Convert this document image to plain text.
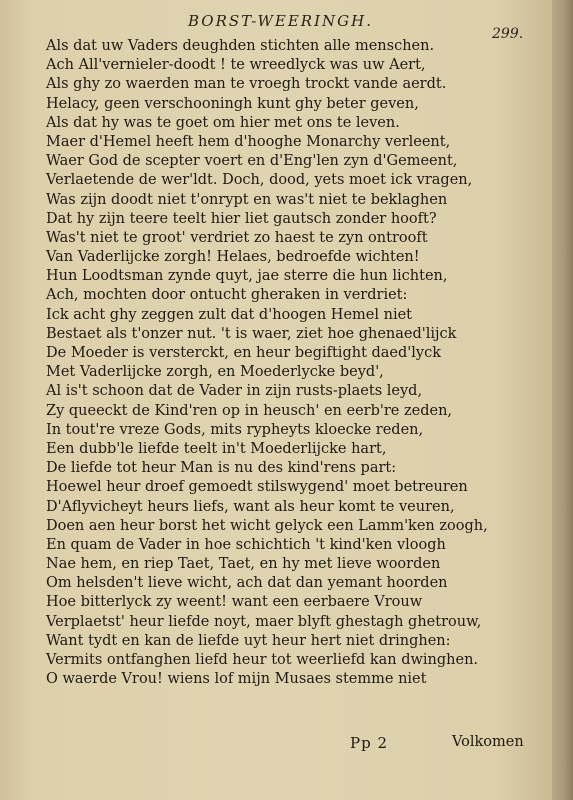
BORST-WEERINGH.
299.
Als dat uw Vaders deughden stichten alle menschen.
Ach All'vernieler-doodt ! te wreedlyck was uw Aert,
Als ghy zo waerden man te vroegh trockt vande aerdt.
Helacy, geen verschooningh kunt ghy beter geven,
Als dat hy was te goet om hier met ons te leven.
Maer d'Hemel heeft hem d'hooghe Monarchy verleent,
Waer God de scepter voert en d'Eng'len zyn d'Gemeent,
Verlaetende de wer'ldt. Doch, dood, yets moet ick vragen,
Was zijn doodt niet t'onrypt en was't niet te beklaghen
Dat hy zijn teere teelt hier liet gautsch zonder hooft?
Was't niet te groot' verdriet zo haest te zyn ontrooft
Van Vaderlijcke zorgh! Helaes, bedroefde wichten!
Hun Loodtsman zynde quyt, jae sterre die hun lichten,
Ach, mochten door ontucht gheraken in verdriet:
Ick acht ghy zeggen zult dat d'hoogen Hemel niet
Bestaet als t'onzer nut. 't is waer, ziet hoe ghenaed'lijck
De Moeder is versterckt, en heur begiftight daed'lyck
Met Vaderlijcke zorgh, en Moederlycke beyd',
Al is't schoon dat de Vader in zijn rusts-plaets leyd,
Zy queeckt de Kind'ren op in heusch' en eerb're zeden,
In tout're vreze Gods, mits rypheyts kloecke reden,
Een dubb'le liefde teelt in't Moederlijcke hart,
De liefde tot heur Man is nu des kind'rens part:
Hoewel heur droef gemoedt stilswygend' moet betreuren
D'Aflyvicheyt heurs liefs, want als heur komt te veuren,
Doen aen heur borst het wicht gelyck een Lamm'ken zoogh,
En quam de Vader in hoe schichtich 't kind'ken vloogh
Nae hem, en riep Taet, Taet, en hy met lieve woorden
Om helsden't lieve wicht, ach dat dan yemant hoorden
Hoe bitterlyck zy weent! want een eerbaere Vrouw
Verplaetst' heur liefde noyt, maer blyft ghestagh ghetrouw,
Want tydt en kan de liefde uyt heur hert niet dringhen:
Vermits ontfanghen liefd heur tot weerliefd kan dwinghen.
O waerde Vrou! wiens lof mijn Musaes stemme niet
Pp 2	Volkomen
